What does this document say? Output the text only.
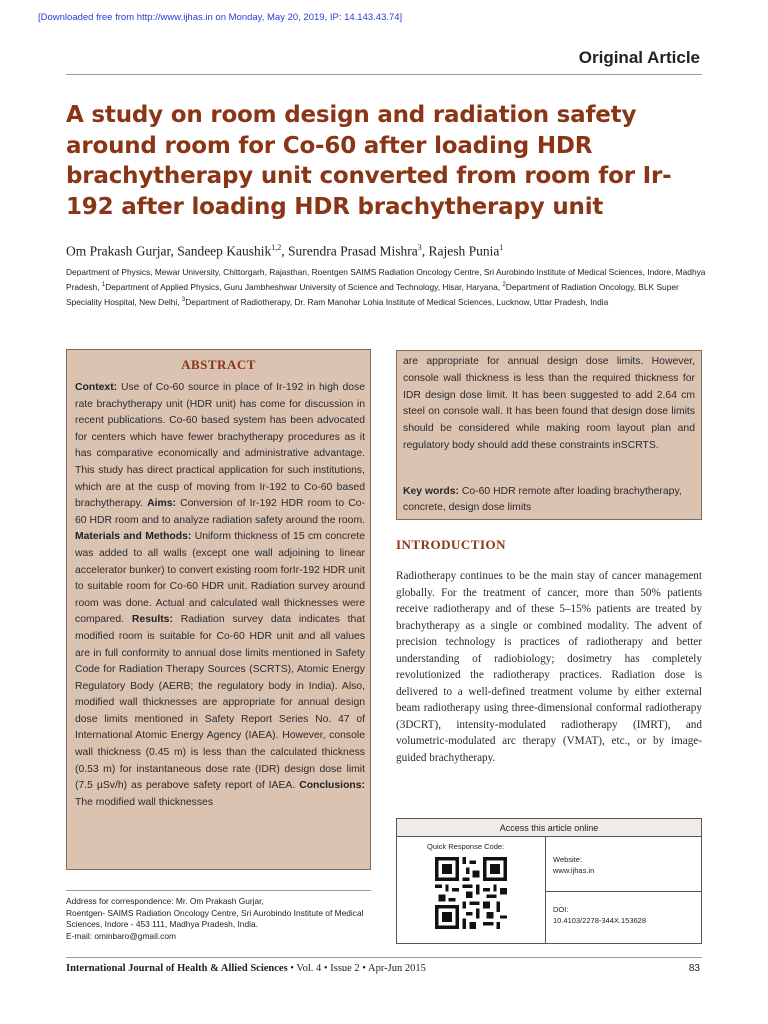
[Downloaded free from http://www.ijhas.in on Monday, May 20, 2019, IP: 14.143.43.74]
Original Article
A study on room design and radiation safety around room for Co-60 after loading HDR brachytherapy unit converted from room for Ir-192 after loading HDR brachytherapy unit
Om Prakash Gurjar, Sandeep Kaushik$^{1,2}$, Surendra Prasad Mishra$^3$, Rajesh Punia$^1$
Department of Physics, Mewar University, Chittorgarh, Rajasthan, Roentgen SAIMS Radiation Oncology Centre, Sri Aurobindo Institute of Medical Sciences, Indore, Madhya Pradesh, $^1$Department of Applied Physics, Guru Jambheshwar University of Science and Technology, Hisar, Haryana, $^2$Department of Radiation Oncology, BLK Super Speciality Hospital, New Delhi, $^3$Department of Radiotherapy, Dr. Ram Manohar Lohia Institute of Medical Sciences, Lucknow, Uttar Pradesh, India
ABSTRACT
Context: Use of Co-60 source in place of Ir-192 in high dose rate brachytherapy unit (HDR unit) has come for discussion in recent publications. Co-60 based system has been advocated for centers which have fewer brachytherapy procedures as it has comparative economically and administrative advantage. This study has direct practical application for such institutions, which are at the cusp of moving from Ir-192 to Co-60 based brachytherapy. Aims: Conversion of Ir-192 HDR room to Co-60 HDR room and to analyze radiation safety around the room. Materials and Methods: Uniform thickness of 15 cm concrete was added to all walls (except one wall adjoining to linear accelerator bunker) to convert existing room forIr-192 HDR unit to suitable room for Co-60 HDR unit. Radiation survey around room was done. Actual and calculated wall thicknesses were compared. Results: Radiation survey data indicates that modified room is suitable for Co-60 HDR unit and all values are in full conformity to annual dose limits mentioned in Safety Code for Radiation Therapy Sources (SCRTS), Atomic Energy Regulatory Body (AERB; the regulatory body in India). Also, modified wall thicknesses are appropriate for annual design dose limits mentioned in Safety Report Series No. 47 of International Atomic Energy Agency (IAEA). However, console wall thickness (0.45 m) is less than the calculated thickness (0.53 m) for instantaneous dose rate (IDR) design dose limit (7.5 µSv/h) as perabove safety report of IAEA. Conclusions: The modified wall thicknesses
are appropriate for annual design dose limits. However, console wall thickness is less than the required thickness for IDR design dose limit. It has been suggested to add 2.64 cm steel on console wall. It has been found that design dose limits should be considered while making room layout plan and regulatory body should add these constraints inSCRTS.
Key words: Co-60 HDR remote after loading brachytherapy, concrete, design dose limits
INTRODUCTION
Radiotherapy continues to be the main stay of cancer management globally. For the treatment of cancer, more than 50% patients receive radiotherapy and of these 5–15% patients are treated by brachytherapy as a single or combined modality. The advent of precision technology is practices of radiotherapy and better understanding of radiobiology; dosimetry has completely revolutionized the radiotherapy practices. Radiation dose is delivered to a well-defined treatment volume by either external beam radiotherapy using three-dimensional conformal radiotherapy (3DCRT), intensity-modulated radiotherapy (IMRT), and volumetric-modulated arc therapy (VMAT), etc., or by image-guided brachytherapy.
Access this article online
Quick Response Code:
Website:
www.ijhas.in
DOI:
10.4103/2278-344X.153628
Address for correspondence: Mr. Om Prakash Gurjar,
Roentgen- SAIMS Radiation Oncology Centre, Sri Aurobindo Institute of Medical Sciences, Indore - 453 111, Madhya Pradesh, India.
E-mail: ominbaro@gmail.com
International Journal of Health & Allied Sciences • Vol. 4 • Issue 2 • Apr-Jun 2015	83
